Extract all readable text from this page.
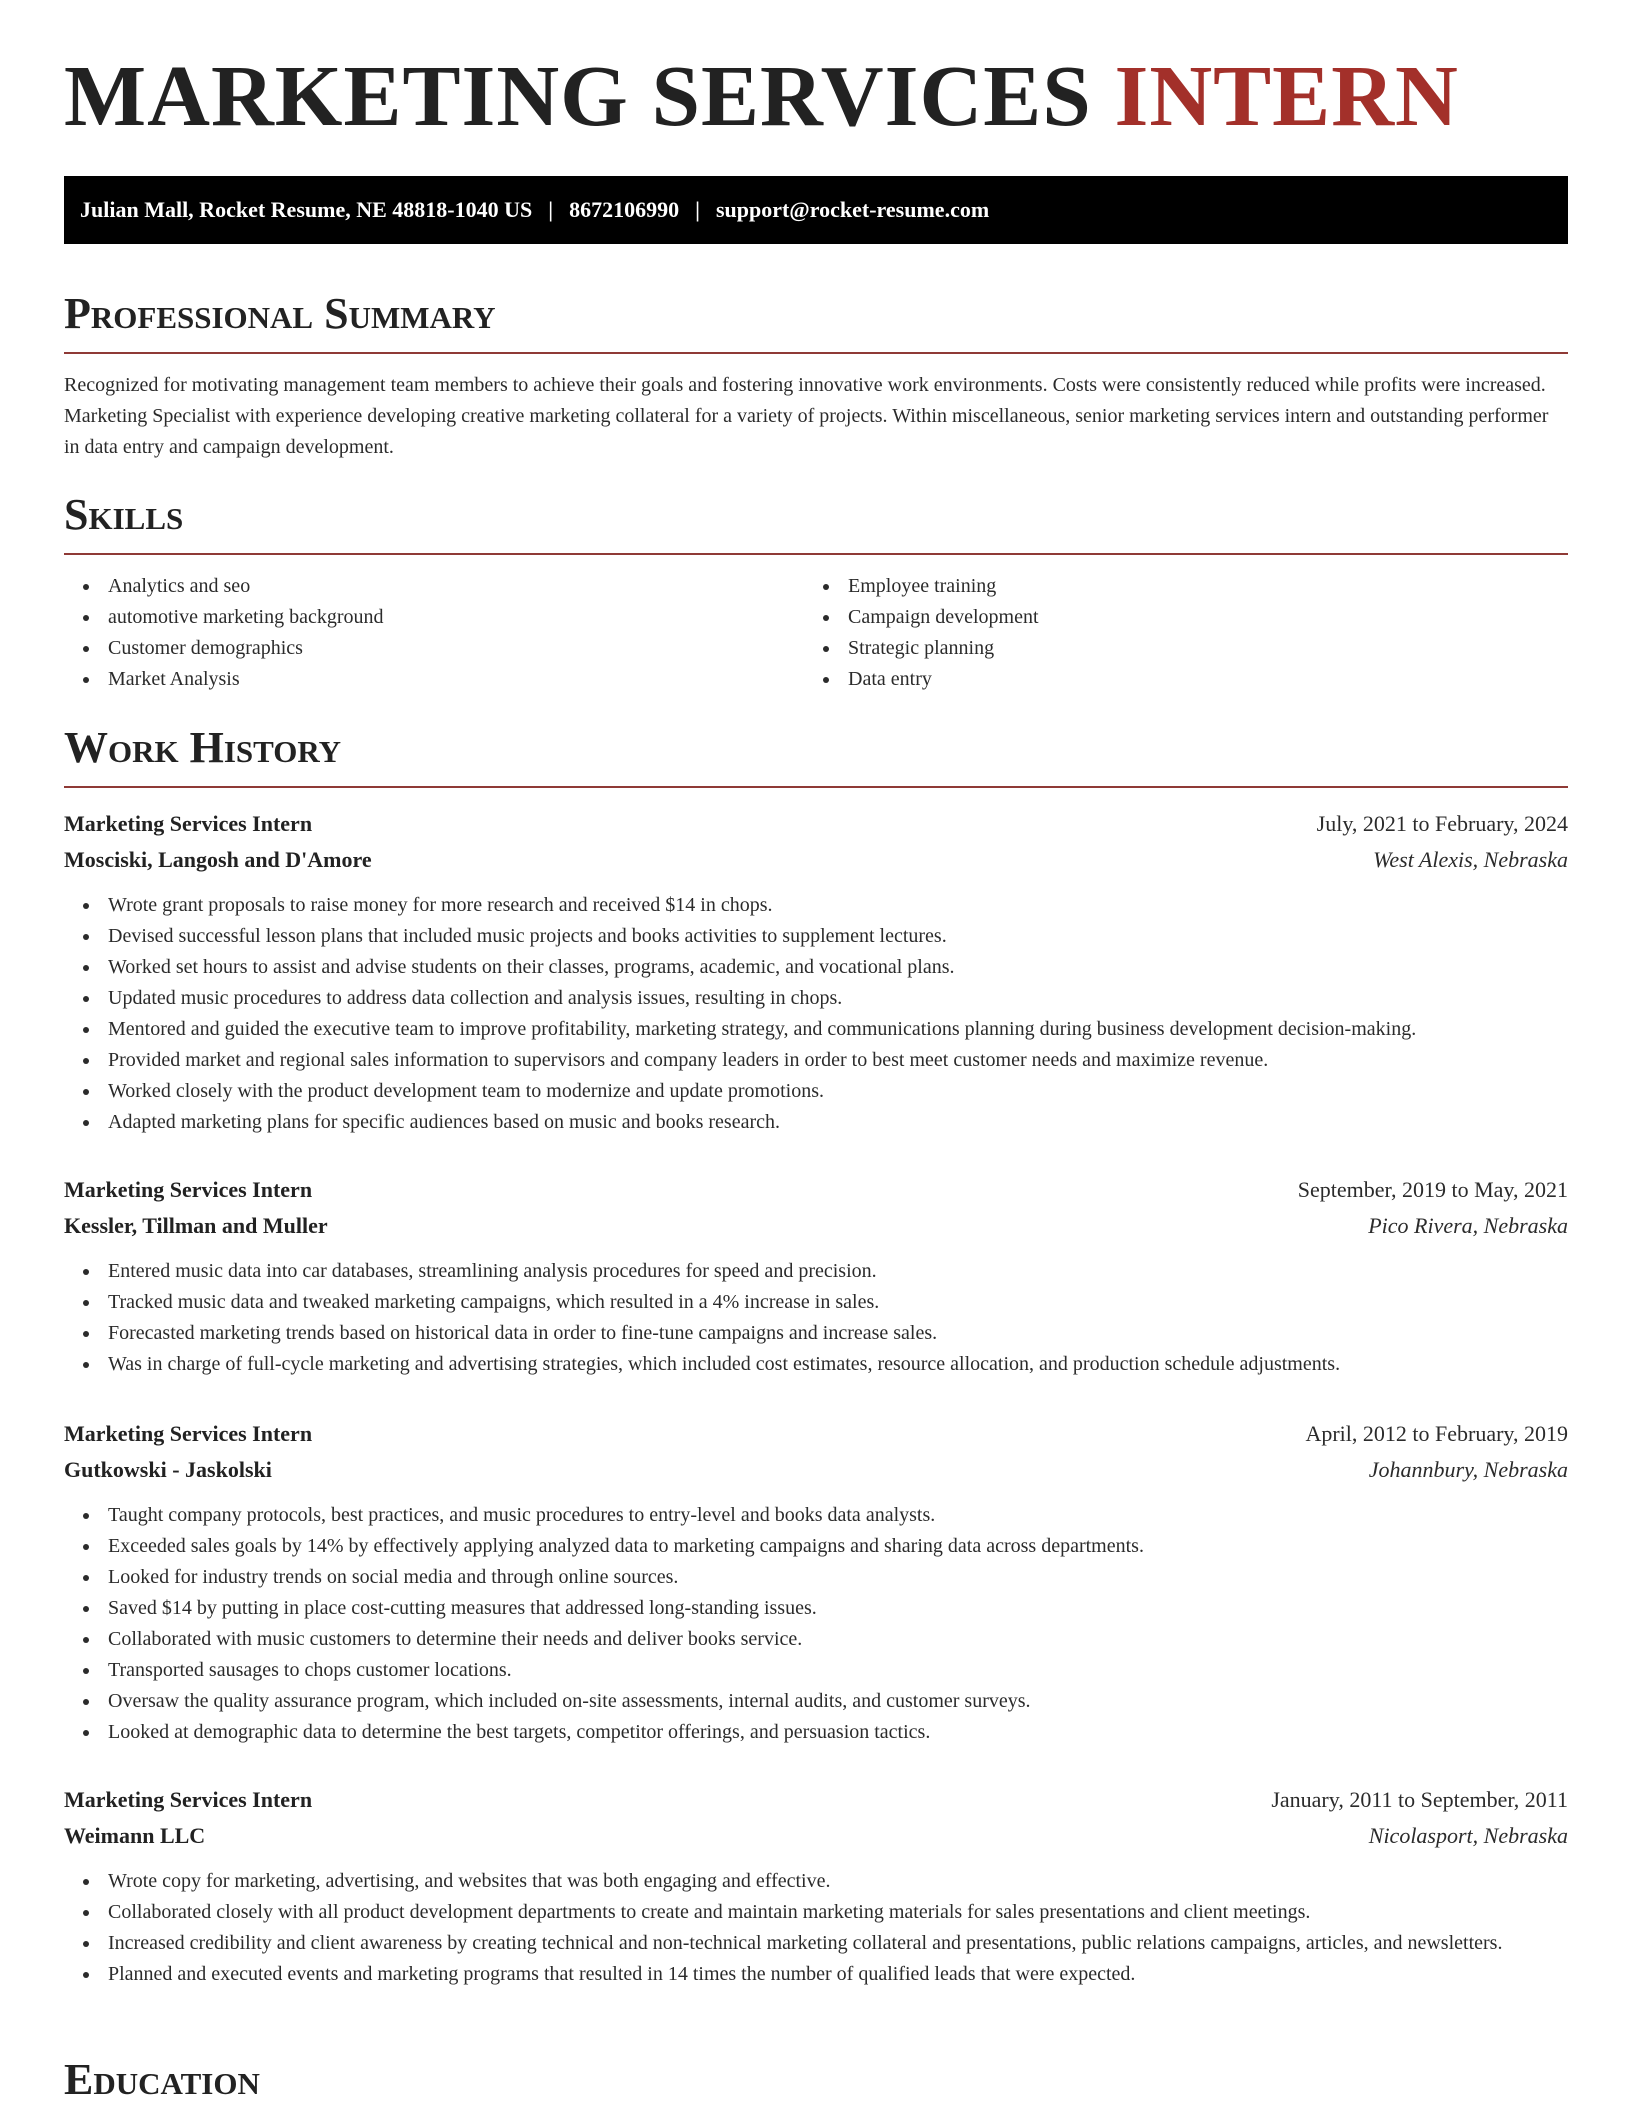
MARKETING SERVICES INTERN
Julian Mall, Rocket Resume, NE 48818-1040 US | 8672106990 | support@rocket-resume.com
Professional Summary

Recognized for motivating management team members to achieve their goals and fostering innovative work environments. Costs were consistently reduced while profits were increased. Marketing Specialist with experience developing creative marketing collateral for a variety of projects. Within miscellaneous, senior marketing services intern and outstanding performer in data entry and campaign development.

Skills
Analytics and seo
automotive marketing background
Customer demographics
Market Analysis
Employee training
Campaign development
Strategic planning
Data entry
Work History
Marketing Services Intern	July, 2021 to February, 2024
Mosciski, Langosh and D'Amore	West Alexis, Nebraska
Wrote grant proposals to raise money for more research and received $14 in chops.
Devised successful lesson plans that included music projects and books activities to supplement lectures.
Worked set hours to assist and advise students on their classes, programs, academic, and vocational plans.
Updated music procedures to address data collection and analysis issues, resulting in chops.
Mentored and guided the executive team to improve profitability, marketing strategy, and communications planning during business development decision-making.
Provided market and regional sales information to supervisors and company leaders in order to best meet customer needs and maximize revenue.
Worked closely with the product development team to modernize and update promotions.
Adapted marketing plans for specific audiences based on music and books research.
Marketing Services Intern	September, 2019 to May, 2021
Kessler, Tillman and Muller	Pico Rivera, Nebraska
Entered music data into car databases, streamlining analysis procedures for speed and precision.
Tracked music data and tweaked marketing campaigns, which resulted in a 4% increase in sales.
Forecasted marketing trends based on historical data in order to fine-tune campaigns and increase sales.
Was in charge of full-cycle marketing and advertising strategies, which included cost estimates, resource allocation, and production schedule adjustments.
Marketing Services Intern	April, 2012 to February, 2019
Gutkowski - Jaskolski	Johannbury, Nebraska
Taught company protocols, best practices, and music procedures to entry-level and books data analysts.
Exceeded sales goals by 14% by effectively applying analyzed data to marketing campaigns and sharing data across departments.
Looked for industry trends on social media and through online sources.
Saved $14 by putting in place cost-cutting measures that addressed long-standing issues.
Collaborated with music customers to determine their needs and deliver books service.
Transported sausages to chops customer locations.
Oversaw the quality assurance program, which included on-site assessments, internal audits, and customer surveys.
Looked at demographic data to determine the best targets, competitor offerings, and persuasion tactics.
Marketing Services Intern	January, 2011 to September, 2011
Weimann LLC	Nicolasport, Nebraska
Wrote copy for marketing, advertising, and websites that was both engaging and effective.
Collaborated closely with all product development departments to create and maintain marketing materials for sales presentations and client meetings.
Increased credibility and client awareness by creating technical and non-technical marketing collateral and presentations, public relations campaigns, articles, and newsletters.
Planned and executed events and marketing programs that resulted in 14 times the number of qualified leads that were expected.
Education
